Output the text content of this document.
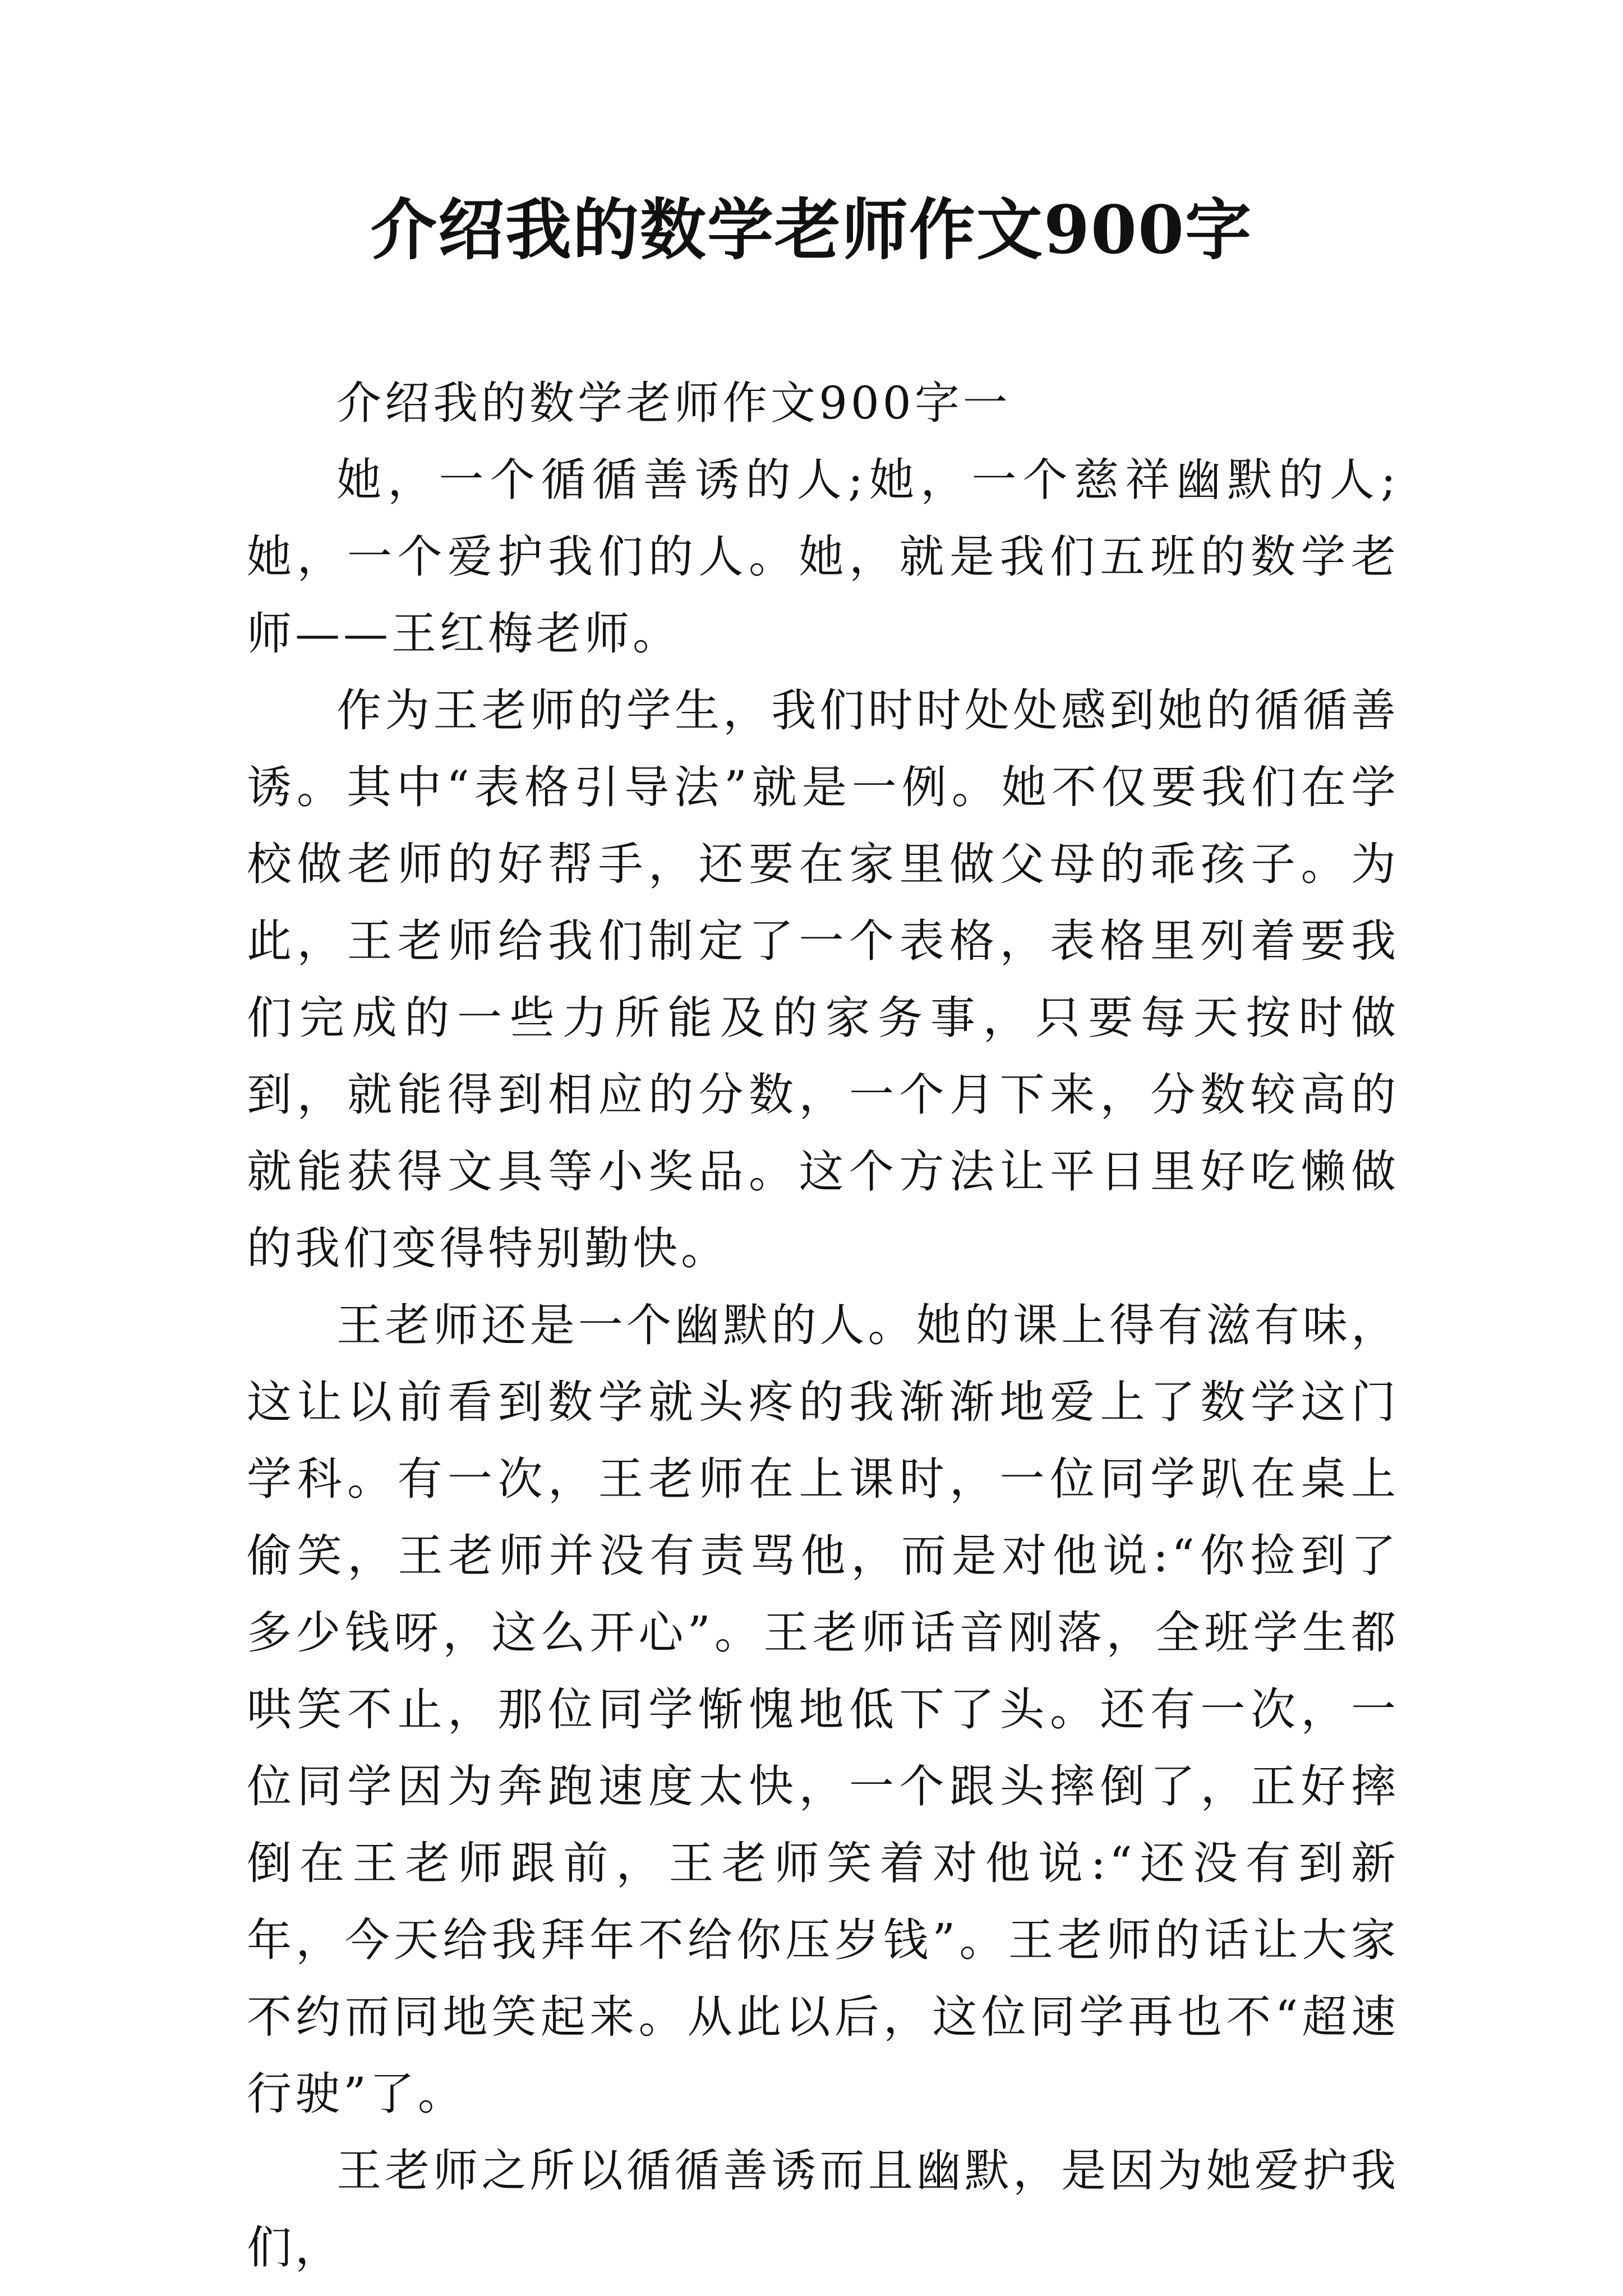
介绍我的数学老师作文900字

介绍我的数学老师作文900字一

她，一个循循善诱的人;她，一个慈祥幽默的人;她，一个爱护我们的人。她，就是我们五班的数学老师——王红梅老师。

作为王老师的学生，我们时时处处感到她的循循善诱。其中“表格引导法”就是一例。她不仅要我们在学校做老师的好帮手，还要在家里做父母的乖孩子。为此，王老师给我们制定了一个表格，表格里列着要我们完成的一些力所能及的家务事，只要每天按时做到，就能得到相应的分数，一个月下来，分数较高的就能获得文具等小奖品。这个方法让平日里好吃懒做的我们变得特别勤快。

王老师还是一个幽默的人。她的课上得有滋有味，这让以前看到数学就头疼的我渐渐地爱上了数学这门学科。有一次，王老师在上课时，一位同学趴在桌上偷笑，王老师并没有责骂他，而是对他说:“你捡到了多少钱呀，这么开心”。王老师话音刚落，全班学生都哄笑不止，那位同学惭愧地低下了头。还有一次，一位同学因为奔跑速度太快，一个跟头摔倒了，正好摔倒在王老师跟前，王老师笑着对他说:“还没有到新年，今天给我拜年不给你压岁钱”。王老师的话让大家不约而同地笑起来。从此以后，这位同学再也不“超速行驶”了。

王老师之所以循循善诱而且幽默，是因为她爱护我们，
